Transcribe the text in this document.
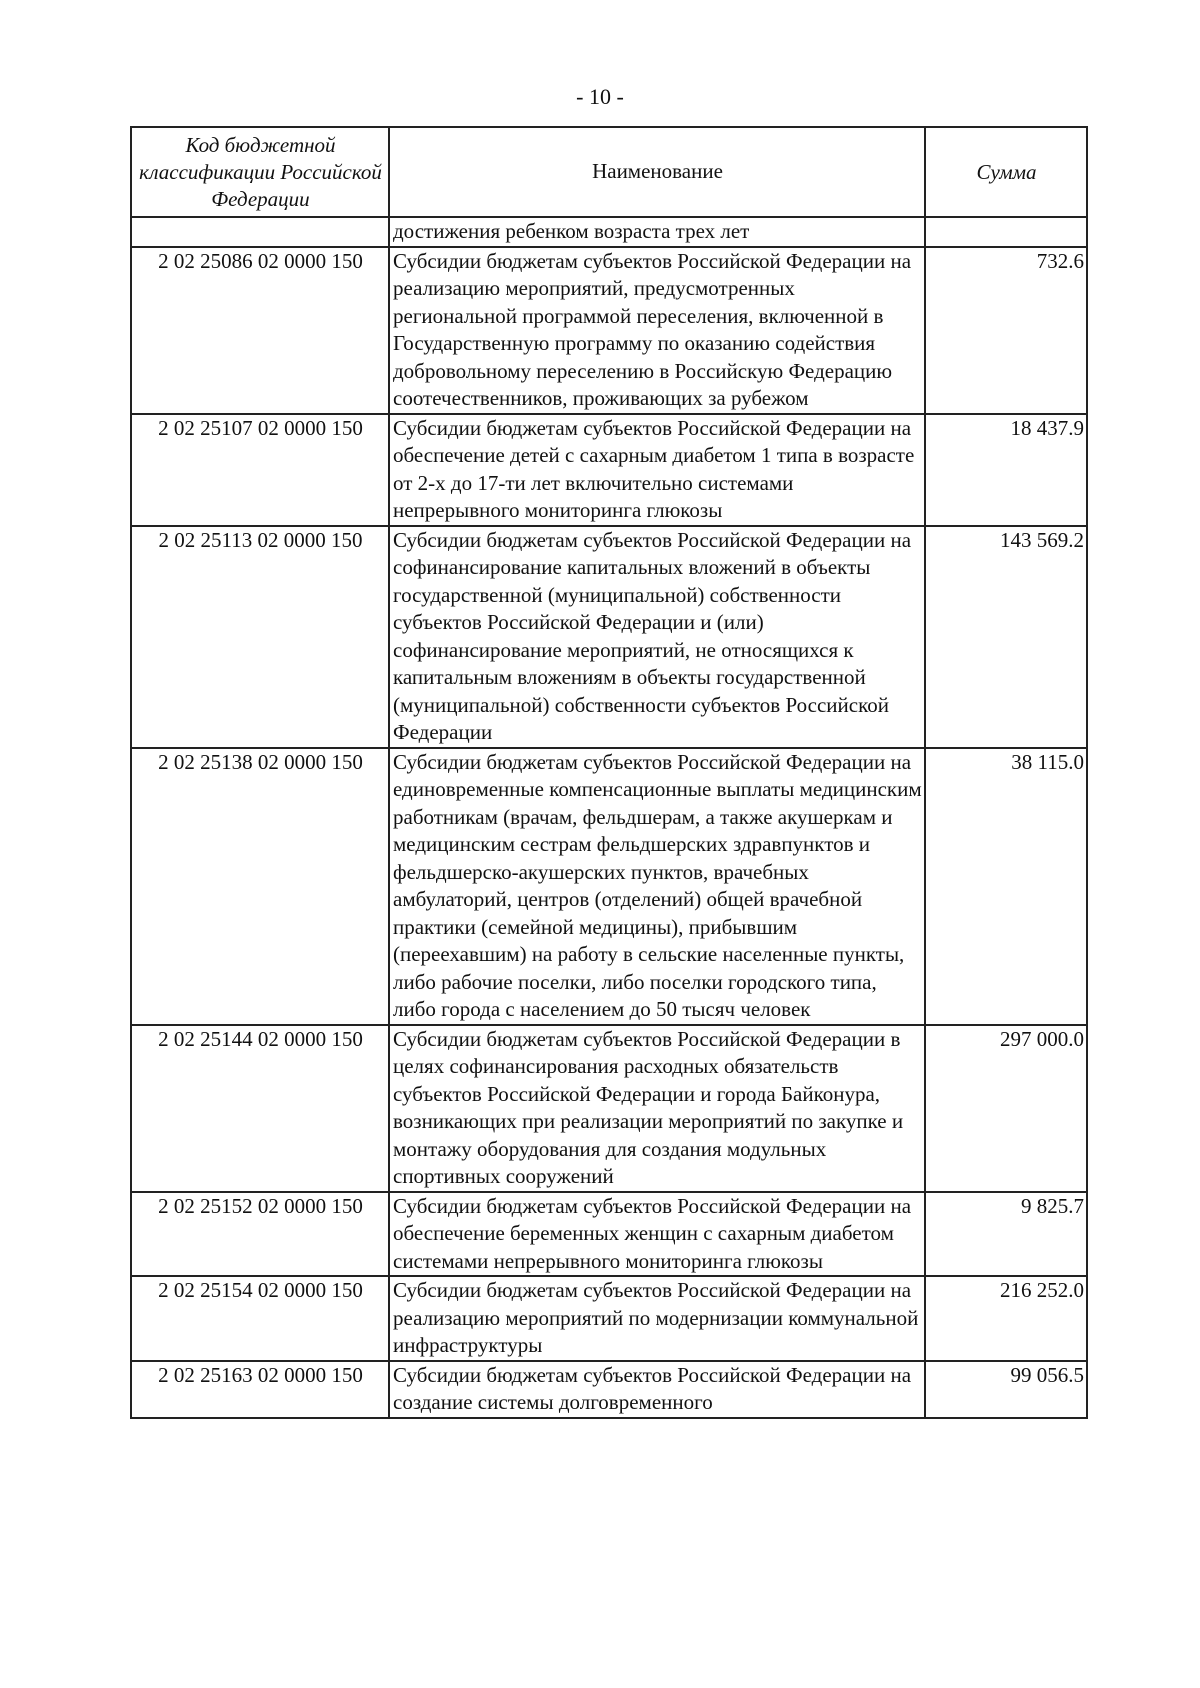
- 10 -
Код бюджетной классификации Российской Федерации	Наименование	Сумма
	достижения ребенком возраста трех лет	
2 02 25086 02 0000 150	Субсидии бюджетам субъектов Российской Федерации на реализацию мероприятий, предусмотренных региональной программой переселения, включенной в Государственную программу по оказанию содействия добровольному переселению в Российскую Федерацию соотечественников, проживающих за рубежом	732.6
2 02 25107 02 0000 150	Субсидии бюджетам субъектов Российской Федерации на обеспечение детей с сахарным диабетом 1 типа в возрасте от 2-х до 17-ти лет включительно системами непрерывного мониторинга глюкозы	18 437.9
2 02 25113 02 0000 150	Субсидии бюджетам субъектов Российской Федерации на софинансирование капитальных вложений в объекты государственной (муниципальной) собственности субъектов Российской Федерации и (или) софинансирование мероприятий, не относящихся к капитальным вложениям в объекты государственной (муниципальной) собственности субъектов Российской Федерации	143 569.2
2 02 25138 02 0000 150	Субсидии бюджетам субъектов Российской Федерации на единовременные компенсационные выплаты медицинским работникам (врачам, фельдшерам, а также акушеркам и медицинским сестрам фельдшерских здравпунктов и фельдшерско-акушерских пунктов, врачебных амбулаторий, центров (отделений) общей врачебной практики (семейной медицины), прибывшим (переехавшим) на работу в сельские населенные пункты, либо рабочие поселки, либо поселки городского типа, либо города с населением до 50 тысяч человек	38 115.0
2 02 25144 02 0000 150	Субсидии бюджетам субъектов Российской Федерации в целях софинансирования расходных обязательств субъектов Российской Федерации и города Байконура, возникающих при реализации мероприятий по закупке и монтажу оборудования для создания модульных спортивных сооружений	297 000.0
2 02 25152 02 0000 150	Субсидии бюджетам субъектов Российской Федерации на обеспечение беременных женщин с сахарным диабетом системами непрерывного мониторинга глюкозы	9 825.7
2 02 25154 02 0000 150	Субсидии бюджетам субъектов Российской Федерации на реализацию мероприятий по модернизации коммунальной инфраструктуры	216 252.0
2 02 25163 02 0000 150	Субсидии бюджетам субъектов Российской Федерации на создание системы долговременного	99 056.5
